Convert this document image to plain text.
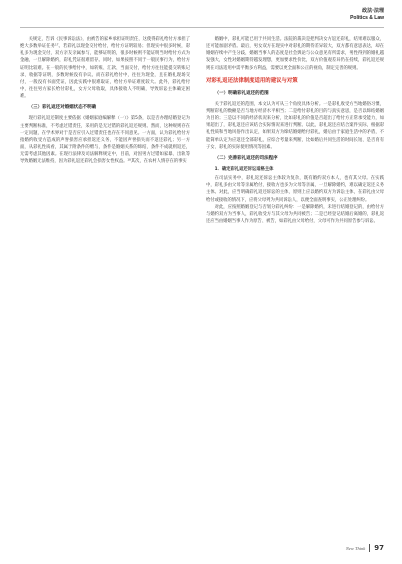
政法·法理
Politics & Law

关规定，告诉《民事诉讼法》，由被告的家乡承担证明责任，这使得彩礼给付方承担了绝大多数举证任务¹⁷。若彩礼以现金交付给付，给付方证明较易；但现实中很多时候，彩礼多为现金交付，双方亲友亲属参与，能够证明的，很多时候则不能证明当时给付方式为金融，一旦解除婚约，彩礼凭证很难留存。同时，如果按照不同于一般民事行为，给付方证明比较难。在一般的民事给付中，如转账、汇款、当面交付，给付方往往能提交转账记录、收据等证明，多数时候没有争议。而在彩礼给付中，往往为现金，且在婚礼现场交付，一般没有书面凭证，因此实践中很难取证，给付方举证难度较大。此外，彩礼给付中，往往男方家长给付彩礼，女方父母收取，具体接收人不明确，导致诉讼主体确定困难。

（三）彩礼返还对婚姻状态不明确

现行彩礼返还制度主要依据《婚姻家庭编解释（一）》第5条，以是否办理结婚登记为主要判断标准，不考虑过错责任，采用的是无过错的彩礼返还规则。然而，这种规则存在一定问题，在学术界对于是否应引入过错责任也存在不同意见。一方面，认为彩礼给付方指婚约收受方造成的声誉损害应承担返还义务，不能因声誉损失而不返还彩礼；另一方面，从彩礼性质看，其属于附条件的赠与，条件是婚姻关系的缔结，条件不成就则返还，无需考虑其他因素。在现行法律及司法解释规定中，目前，对因男方过错如家暴、出轨等导致婚姻无法维持，因为彩礼返还彩礼会损害女性权益。¹⁸其次，在农村人情存在的事实

婚姻中，彩礼可能已用于共同生活。法院的裁决是把判决女方返还彩礼，结果难以服众，还可能加剧矛盾。最后，男女双方在现实中对彩礼的期待差异较大，双方都有意思表达，却在婚姻存续中产生分歧，婚姻当事人的态度是社会舆论与公众意见有所需求，男性得到的婚礼越发强大，女性对婚姻期待越发理想，更加要求性价比，双方价值观差异仍在持续，彩礼返还规则在司法适用中需平衡多方利益，需要以更全面和公正的视角，制定完善的规则。

对彩礼返还法律制度适用的建议与对策
（一）明确彩礼返还的范围

关于彩礼返还的范围，本文认为可从三个角度具体分析。一是彩礼收受方当地婚俗习惯，判断彩礼的数额是否与地方经济水平相当；二是给付彩礼的目的与真实意思，是否以缔结婚姻为目的；三是以不同的经济状况来分析，比如彩礼的价值是否超出了给付方正常承受能力，如果超出了，彩礼返还应该结合实际情况来进行判断。以此，彩礼返还应结合案件实际，根据彩礼性质和当地风俗作出认定，如果双方为缔结婚姻给付彩礼，婚后由于家庭生活中的矛盾，不能简单认定为应返还全部彩礼，应综合考量来判断，比如婚后共同生活的时间长短、是否育有子女、彩礼的实际使用情况等因素。

（二）完善彩礼返还的司法程序
1．确定彩礼返还诉讼适格主体

在司法实务中，彩礼返还诉讼主体较为复杂，既有婚约双方本人，也有其父母。在实践中，彩礼多由父母等亲属给付，接收方也多为父母等亲属，一旦解除婚约，难以确定返还义务主体。对此，应当明确彩礼返还诉讼的主体，原则上应以婚约双方为诉讼主体，在彩礼由父母给付或接收的情况下，应将父母列为共同诉讼人，以便全面查明事实，公正处理纠纷。

对此，应按照婚姻登记与否划分彩礼纠纷：一是解除婚约，未进行结婚登记的，由给付方与婚约双方为当事人，彩礼收受方与其父母为共同被告；二是已经登记结婚后离婚的，彩礼返还应当由婚姻当事人作为原告、被告，如彩礼由父母给付，父母可作为共同原告参与诉讼。

New Think 97
